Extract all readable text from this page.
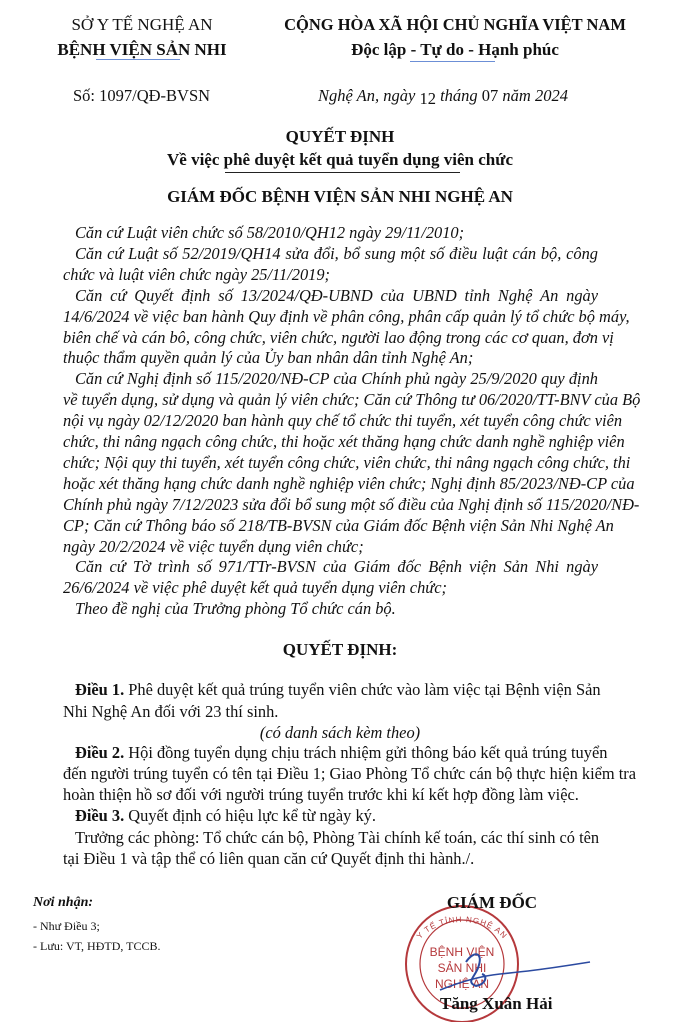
SỞ Y TẾ NGHỆ AN
BỆNH VIỆN SẢN NHI
CỘNG HÒA XÃ HỘI CHỦ NGHĨA VIỆT NAM
Độc lập - Tự do - Hạnh phúc
Số: 1097/QĐ-BVSN	Nghệ An, ngày 12 tháng 07 năm 2024
QUYẾT ĐỊNH
Về việc phê duyệt kết quả tuyển dụng viên chức
GIÁM ĐỐC BỆNH VIỆN SẢN NHI NGHỆ AN
Căn cứ Luật viên chức số 58/2010/QH12 ngày 29/11/2010;
Căn cứ Luật số 52/2019/QH14 sửa đổi, bổ sung một số điều luật cán bộ, công
chức và luật viên chức ngày 25/11/2019;
Căn cứ Quyết định số 13/2024/QĐ-UBND của UBND tỉnh Nghệ An ngày
14/6/2024 về việc ban hành Quy định về phân công, phân cấp quản lý tổ chức bộ máy,
biên chế và cán bô, công chức, viên chức, người lao động trong các cơ quan, đơn vị
thuộc thẩm quyền quản lý của Ủy ban nhân dân tỉnh Nghệ An;
Căn cứ Nghị định số 115/2020/NĐ-CP của Chính phủ ngày 25/9/2020 quy định
về tuyển dụng, sử dụng và quản lý viên chức; Căn cứ Thông tư 06/2020/TT-BNV của Bộ
nội vụ ngày 02/12/2020 ban hành quy chế tổ chức thi tuyển, xét tuyển công chức viên
chức, thi nâng ngạch công chức, thi hoặc xét thăng hạng chức danh nghề nghiệp viên
chức; Nội quy thi tuyển, xét tuyển công chức, viên chức, thi nâng ngạch công chức, thi
hoặc xét thăng hạng chức danh nghề nghiệp viên chức; Nghị định 85/2023/NĐ-CP của
Chính phủ ngày 7/12/2023 sửa đổi bổ sung một số điều của Nghị định số 115/2020/NĐ-
CP; Căn cứ Thông báo số 218/TB-BVSN của Giám đốc Bệnh viện Sản Nhi Nghệ An
ngày 20/2/2024 về việc tuyển dụng viên chức;
Căn cứ Tờ trình số 971/TTr-BVSN của Giám đốc Bệnh viện Sản Nhi ngày
26/6/2024 về việc phê duyệt kết quả tuyển dụng viên chức;
Theo đề nghị của Trưởng phòng Tổ chức cán bộ.
QUYẾT ĐỊNH:
Điều 1. Phê duyệt kết quả trúng tuyển viên chức vào làm việc tại Bệnh viện Sản
Nhi Nghệ An đối với 23 thí sinh.
(có danh sách kèm theo)
Điều 2. Hội đồng tuyển dụng chịu trách nhiệm gửi thông báo kết quả trúng tuyển
đến người trúng tuyển có tên tại Điều 1; Giao Phòng Tổ chức cán bộ thực hiện kiểm tra
hoàn thiện hồ sơ đối với người trúng tuyển trước khi kí kết hợp đồng làm việc.
Điều 3. Quyết định có hiệu lực kể từ ngày ký.
Trưởng các phòng: Tổ chức cán bộ, Phòng Tài chính kế toán, các thí sinh có tên
tại Điều 1 và tập thể có liên quan căn cứ Quyết định thi hành./.
Nơi nhận:
- Như Điều 3;
- Lưu: VT, HĐTD, TCCB.	BỆNH VIỆN
SẢN NHI
NGHỆ AN
Y TẾ TỈNH NGHỆ AN
GIÁM ĐỐC
Tăng Xuân Hải
